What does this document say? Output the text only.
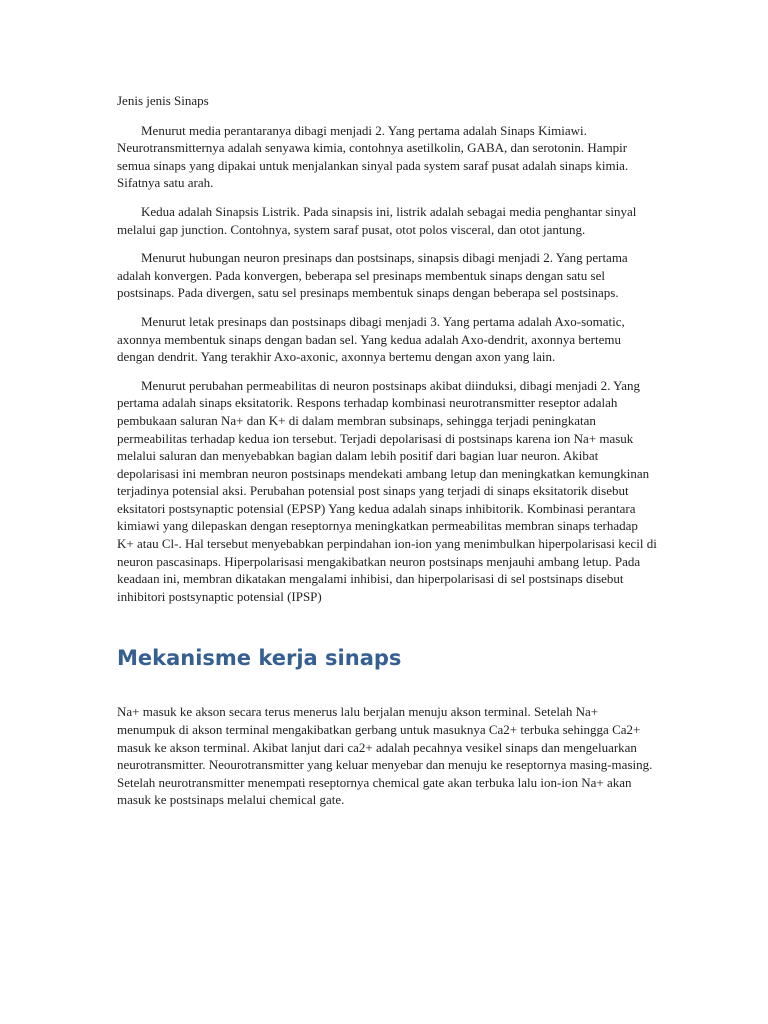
Jenis jenis Sinaps

Menurut media perantaranya dibagi menjadi 2. Yang pertama adalah Sinaps Kimiawi. Neurotransmitternya adalah senyawa kimia, contohnya asetilkolin, GABA, dan serotonin. Hampir semua sinaps yang dipakai untuk menjalankan sinyal pada system saraf pusat adalah sinaps kimia. Sifatnya satu arah.

Kedua adalah Sinapsis Listrik. Pada sinapsis ini, listrik adalah sebagai media penghantar sinyal melalui gap junction. Contohnya, system saraf pusat, otot polos visceral, dan otot jantung.

Menurut hubungan neuron presinaps dan postsinaps, sinapsis dibagi menjadi 2. Yang pertama adalah konvergen. Pada konvergen, beberapa sel presinaps membentuk sinaps dengan satu sel postsinaps. Pada divergen, satu sel presinaps membentuk sinaps dengan beberapa sel postsinaps.

Menurut letak presinaps dan postsinaps dibagi menjadi 3. Yang pertama adalah Axo-somatic, axonnya membentuk sinaps dengan badan sel. Yang kedua adalah Axo-dendrit, axonnya bertemu dengan dendrit. Yang terakhir Axo-axonic, axonnya bertemu dengan axon yang lain.

Menurut perubahan permeabilitas di neuron postsinaps akibat diinduksi, dibagi menjadi 2. Yang pertama adalah sinaps eksitatorik. Respons terhadap kombinasi neurotransmitter reseptor adalah pembukaan saluran Na+ dan K+ di dalam membran subsinaps, sehingga terjadi peningkatan permeabilitas terhadap kedua ion tersebut. Terjadi depolarisasi di postsinaps karena ion Na+ masuk melalui saluran dan menyebabkan bagian dalam lebih positif dari bagian luar neuron. Akibat depolarisasi ini membran neuron postsinaps mendekati ambang letup dan meningkatkan kemungkinan terjadinya potensial aksi. Perubahan potensial post sinaps yang terjadi di sinaps eksitatorik disebut eksitatori postsynaptic potensial (EPSP) Yang kedua adalah sinaps inhibitorik. Kombinasi perantara kimiawi yang dilepaskan dengan reseptornya meningkatkan permeabilitas membran sinaps terhadap K+ atau Cl-. Hal tersebut menyebabkan perpindahan ion-ion yang menimbulkan hiperpolarisasi kecil di neuron pascasinaps. Hiperpolarisasi mengakibatkan neuron postsinaps menjauhi ambang letup. Pada keadaan ini, membran dikatakan mengalami inhibisi, dan hiperpolarisasi di sel postsinaps disebut inhibitori postsynaptic potensial (IPSP)

Mekanisme kerja sinaps

Na+ masuk ke akson secara terus menerus lalu berjalan menuju akson terminal. Setelah Na+ menumpuk di akson terminal mengakibatkan gerbang untuk masuknya Ca2+ terbuka sehingga Ca2+ masuk ke akson terminal. Akibat lanjut dari ca2+ adalah pecahnya vesikel sinaps dan mengeluarkan neurotransmitter. Neourotransmitter yang keluar menyebar dan menuju ke reseptornya masing-masing. Setelah neurotransmitter menempati reseptornya chemical gate akan terbuka lalu ion-ion Na+ akan masuk ke postsinaps melalui chemical gate.
